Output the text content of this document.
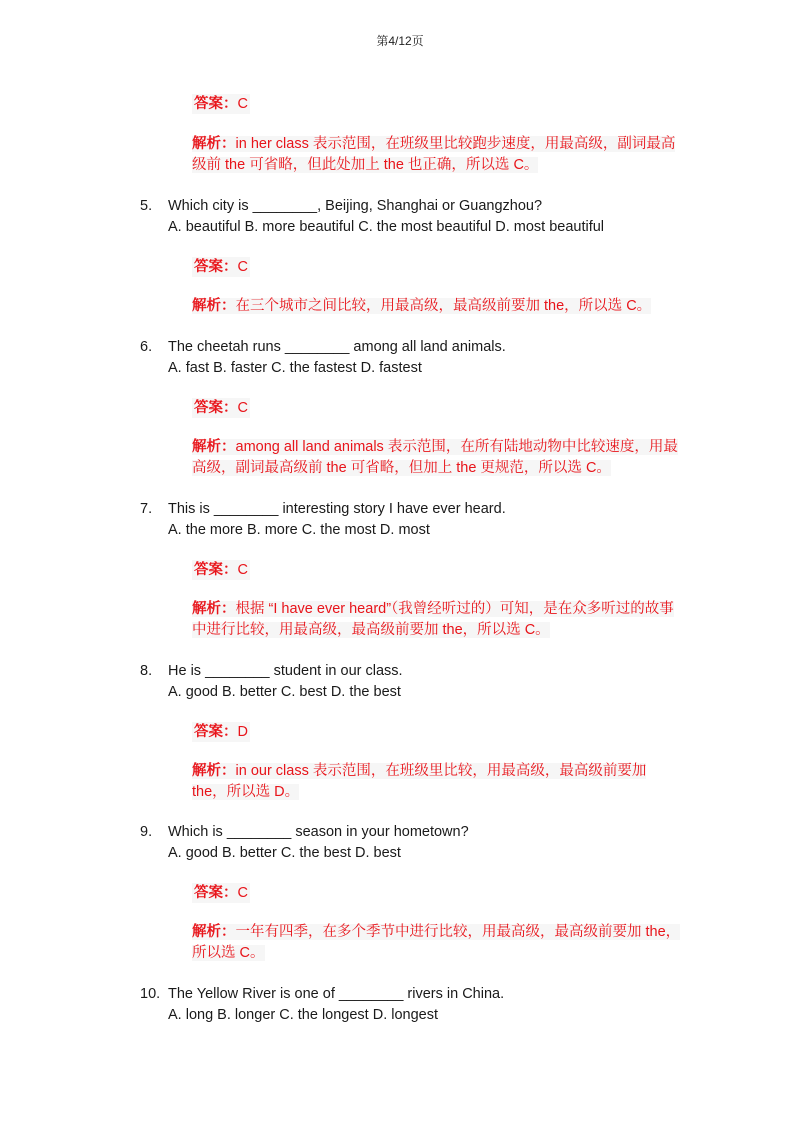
第4/12页
答案：C
解析：in her class 表示范围，在班级里比较跑步速度，用最高级，副词最高级前 the 可省略，但此处加上 the 也正确，所以选 C。
5. Which city is ________, Beijing, Shanghai or Guangzhou?
A. beautiful B. more beautiful C. the most beautiful D. most beautiful
答案：C
解析：在三个城市之间比较，用最高级，最高级前要加 the，所以选 C。
6. The cheetah runs ________ among all land animals.
A. fast B. faster C. the fastest D. fastest
答案：C
解析：among all land animals 表示范围，在所有陆地动物中比较速度，用最高级，副词最高级前 the 可省略，但加上 the 更规范，所以选 C。
7. This is ________ interesting story I have ever heard.
A. the more B. more C. the most D. most
答案：C
解析：根据 “I have ever heard”（我曾经听过的）可知，是在众多听过的故事中进行比较，用最高级，最高级前要加 the，所以选 C。
8. He is ________ student in our class.
A. good B. better C. best D. the best
答案：D
解析：in our class 表示范围，在班级里比较，用最高级，最高级前要加 the，所以选 D。
9. Which is ________ season in your hometown?
A. good B. better C. the best D. best
答案：C
解析：一年有四季，在多个季节中进行比较，用最高级，最高级前要加 the，所以选 C。
10. The Yellow River is one of ________ rivers in China.
A. long B. longer C. the longest D. longest
